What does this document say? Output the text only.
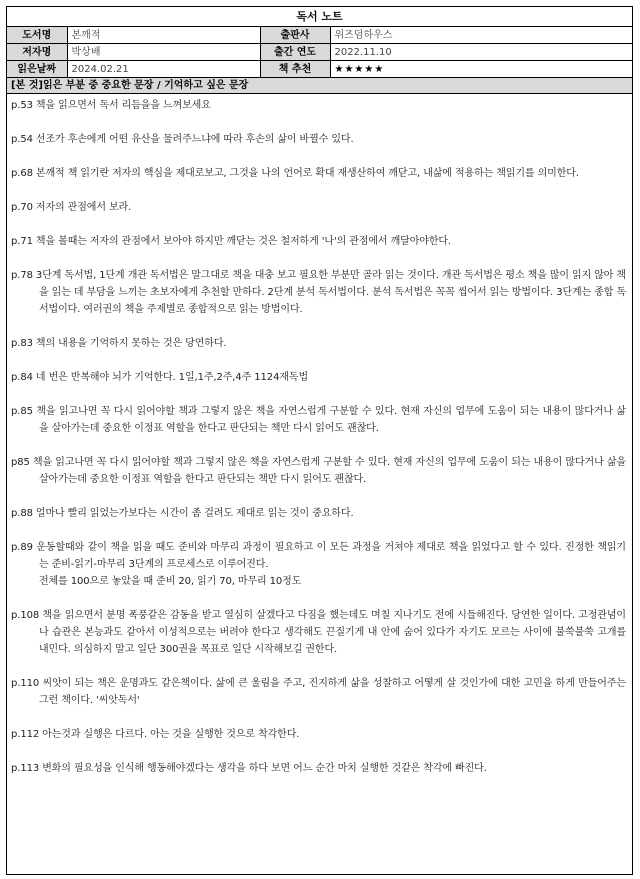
독서 노트
도서명	본깨적	출판사	위즈덤하우스
저자명	박상배	출간 연도	2022.11.10
읽은날짜	2024.02.21	책 추천	★★★★★
[본 것]읽은 부분 중 중요한 문장 / 기억하고 싶은 문장
p.53 책을 읽으면서 독서 리듬을을 느껴보세요
p.54 선조가 후손에게 어떤 유산을 물려주느냐에 따라 후손의 삶이 바뀔수 있다.
p.68 본깨적 책 읽기란 저자의 핵심을 제대로보고, 그것을 나의 언어로 확대 재생산하여 깨닫고, 내삶에 적용하는 책읽기를 의미한다.
p.70 저자의 관점에서 보라.
p.71 책을 볼때는 저자의 관점에서 보아야 하지만 깨닫는 것은 철저하게 '나'의 관점에서 깨달아야한다.
p.78 3단계 독서법, 1단계 개관 독서법은 말그대로 책을 대충 보고 필요한 부분만 골라 읽는 것이다. 개관 독서법은 평소 책을 많이 읽지 않아 책을 읽는 데 부담을 느끼는 초보자에게 추천할 만하다. 2단계 분석 독서법이다. 분석 독서법은 꼭꼭 씹어서 읽는 방법이다. 3단계는 종합 독서법이다. 여러권의 책을 주제별로 종합적으로 읽는 방법이다.
p.83 책의 내용을 기억하지 못하는 것은 당연하다.
p.84 네 번은 반복해야 뇌가 기억한다. 1일,1주,2주,4주 1124재독법
p.85 책을 읽고나면 꼭 다시 읽어야할 책과 그렇지 않은 책을 자연스럽게 구분할 수 있다. 현재 자신의 업무에 도움이 되는 내용이 많다거나 삶을 살아가는데 중요한 이정표 역할을 한다고 판단되는 책만 다시 읽어도 괜찮다.
p85 책을 읽고나면 꼭 다시 읽어야할 책과 그렇지 않은 책을 자연스럽게 구분할 수 있다. 현재 자신의 업무에 도움이 되는 내용이 많다거나 삶을 살아가는데 중요한 이정표 역할을 한다고 판단되는 책만 다시 읽어도 괜찮다.
p.88 얼마나 빨리 읽었는가보다는 시간이 좀 걸려도 제대로 읽는 것이 중요하다.
p.89 운동할때와 같이 책을 읽을 때도 준비와 마무리 과정이 필요하고 이 모든 과정을 거쳐야 제대로 책을 읽었다고 할 수 있다. 진정한 책읽기는 준비-읽기-마무리 3단계의 프로세스로 이루어진다.
전체를 100으로 놓았을 때 준비 20, 읽기 70, 마무리 10정도
p.108 책을 읽으면서 분명 폭풍같은 감동을 받고 열심히 살겠다고 다짐을 했는데도 며칠 지나기도 전에 시들해진다. 당연한 일이다. 고정관념이나 습관은 본능과도 같아서 이성적으로는 버려야 한다고 생각해도 끈질기게 내 안에 숨어 있다가 자기도 모르는 사이에 불쑥불쑥 고개를 내민다. 의심하지 말고 일단 300권을 목표로 일단 시작해보길 권한다.
p.110 씨앗이 되는 책은 운명과도 같은책이다. 삶에 큰 울림을 주고, 진지하게 삶을 성찰하고 어떻게 살 것인가에 대한 고민을 하게 만들어주는 그런 책이다. '씨앗독서'
p.112 아는것과 실행은 다르다. 아는 것을 실행한 것으로 착각한다.
p.113 변화의 필요성을 인식해 행동해야겠다는 생각을 하다 보면 어느 순간 마치 실행한 것같은 착각에 빠진다.
